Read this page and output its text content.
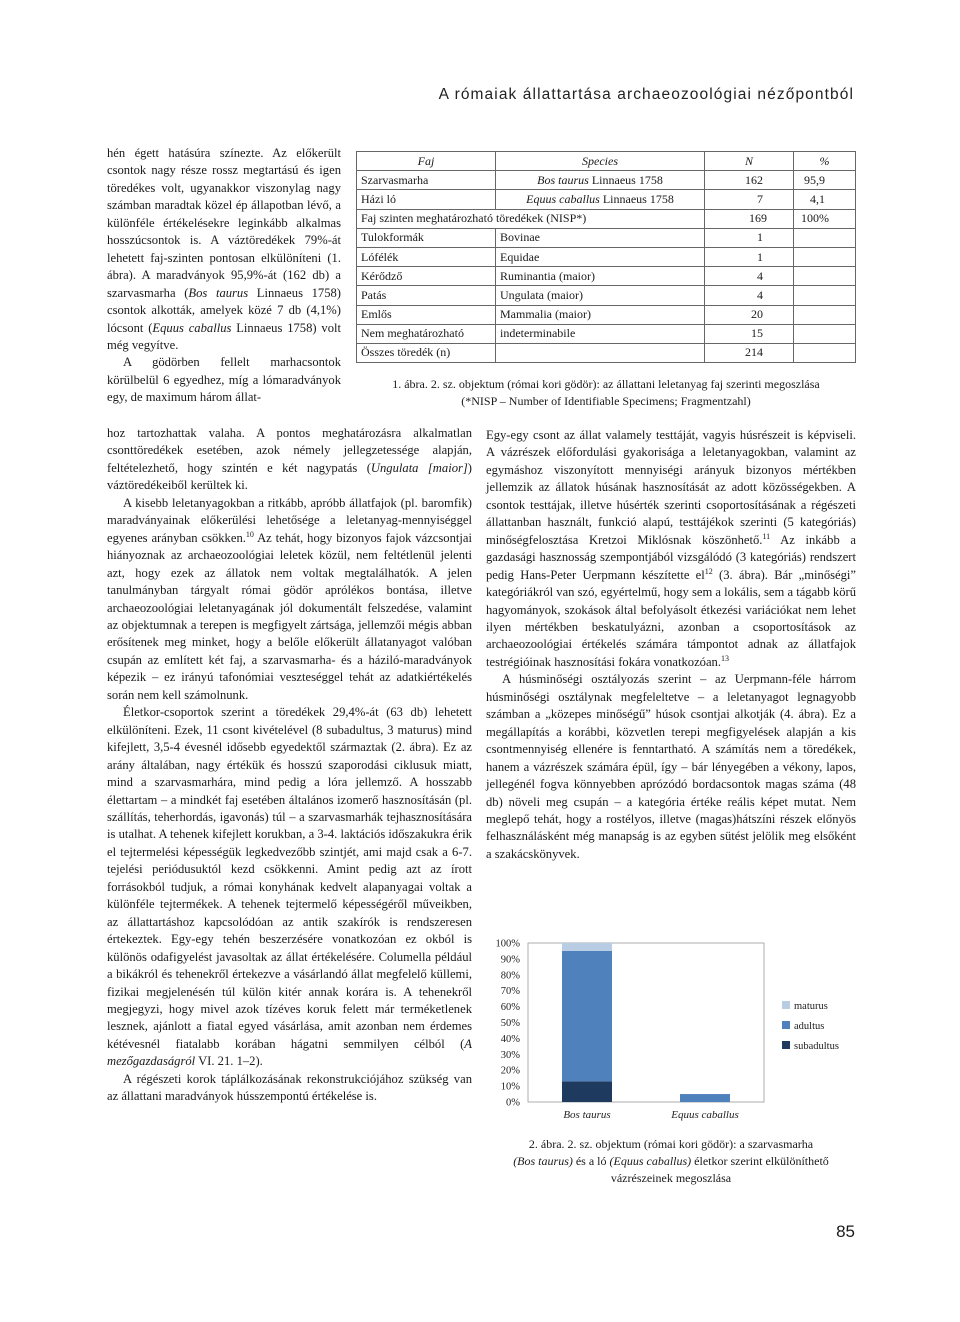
A rómaiak állattartása archaeozoológiai nézőpontból

hén égett hatásúra színezte. Az előkerült csontok nagy része rossz megtartású és igen töredékes volt, ugyanakkor viszonylag nagy számban maradtak közel ép állapotban lévő, a különféle értékelésekre leginkább alkalmas hosszúcsontok is. A váztöredékek 79%-át lehetett faj-szinten pontosan elkülöníteni (1. ábra). A maradványok 95,9%-át (162 db) a szarvasmarha (Bos taurus Linnaeus 1758) csontok alkották, amelyek közé 7 db (4,1%) lócsont (Equus caballus Linnaeus 1758) volt még vegyítve.

A gödörben fellelt marhacsontok körülbelül 6 egyedhez, míg a lómaradványok egy, de maximum három állat-

Faj	Species	N	%
Szarvasmarha	Bos taurus Linnaeus 1758	162	95,9
Házi ló	Equus caballus Linnaeus 1758	7	4,1
Faj szinten meghatározható töredékek (NISP*)		169	100%
Tulokformák	Bovinae	1	
Lófélék	Equidae	1	
Kérődző	Ruminantia (maior)	4	
Patás	Ungulata (maior)	4	
Emlős	Mammalia (maior)	20	
Nem meghatározható	indeterminabile	15	
Összes töredék (n)		214	
1. ábra. 2. sz. objektum (római kori gödör): az állattani leletanyag faj szerinti megoszlása
(*NISP – Number of Identifiable Specimens; Fragmentzahl)

hoz tartozhattak valaha. A pontos meghatározásra alkalmatlan csonttöredékek esetében, azok némely jellegzetessége alapján, feltételezhető, hogy szintén e két nagypatás (Ungulata [maior]) váztöredékeiből kerültek ki.

A kisebb leletanyagokban a ritkább, apróbb állatfajok (pl. baromfik) maradványainak előkerülési lehetősége a leletanyag-mennyiséggel egyenes arányban csökken.$^{10}$ Az tehát, hogy bizonyos fajok vázcsontjai hiányoznak az archaeozoológiai leletek közül, nem feltétlenül jelenti azt, hogy ezek az állatok nem voltak megtalálhatók. A jelen tanulmányban tárgyalt római gödör aprólékos bontása, illetve archaeozoológiai leletanyagának jól dokumentált felszedése, valamint az objektumnak a terepen is megfigyelt zártsága, jellemzői mégis abban erősítenek meg minket, hogy a belőle előkerült állatanyagot valóban csupán az említett két faj, a szarvasmarha- és a háziló-maradványok képezik – ez irányú tafonómiai veszteséggel tehát az adatkiértékelés során nem kell számolnunk.

Életkor-csoportok szerint a töredékek 29,4%-át (63 db) lehetett elkülöníteni. Ezek, 11 csont kivételével (8 subadultus, 3 maturus) mind kifejlett, 3,5-4 évesnél idősebb egyedektől származtak (2. ábra). Ez az arány általában, nagy értékük és hosszú szaporodási ciklusuk miatt, mind a szarvasmarhára, mind pedig a lóra jellemző. A hosszabb élettartam – a mindkét faj esetében általános izomerő hasznosításán (pl. szállítás, teherhordás, igavonás) túl – a szarvasmarhák tejhasznosítására is utalhat. A tehenek kifejlett korukban, a 3-4. laktációs időszakukra érik el tejtermelési képességük legkedvezőbb szintjét, ami majd csak a 6-7. tejelési periódusuktól kezd csökkenni. Amint pedig azt az írott forrásokból tudjuk, a római konyhának kedvelt alapanyagai voltak a különféle tejtermékek. A tehenek tejtermelő képességéről műveikben, az állattartáshoz kapcsolódóan az antik szakírók is rendszeresen értekeztek. Egy-egy tehén beszerzésére vonatkozóan ez okból is különös odafigyelést javasoltak az állat értékelésére. Columella például a bikákról és tehenekről értekezve a vásárlandó állat megfelelő küllemi, fizikai megjelenésén túl külön kitér annak korára is. A tehenekről megjegyzi, hogy mivel azok tízéves koruk felett már terméketlenek lesznek, ajánlott a fiatal egyed vásárlása, amit azonban nem érdemes kétévesnél fiatalabb korában hágatni semmilyen célból (A mezőgazdaságról VI. 21. 1–2).

A régészeti korok táplálkozásának rekonstrukciójához szükség van az állattani maradványok hússzempontú értékelése is.

Egy-egy csont az állat valamely testtáját, vagyis húsrészeit is képviseli. A vázrészek előfordulási gyakorisága a leletanyagokban, valamint az egymáshoz viszonyított mennyiségi arányuk bizonyos mértékben jellemzik az állatok húsának hasznosítását az adott közösségekben. A csontok testtájak, illetve húsérték szerinti csoportosításának a régészeti állattanban használt, funkció alapú, testtájékok szerinti (5 kategóriás) minőségfelosztása Kretzoi Miklósnak köszönhető.$^{11}$ Az inkább a gazdasági hasznosság szempontjából vizsgálódó (3 kategóriás) rendszert pedig Hans-Peter Uerpmann készítette $el^{12}$ (3. ábra). Bár „minőségi” kategóriákról van szó, egyértelmű, hogy sem a lokális, sem a tágabb körű hagyományok, szokások által befolyásolt étkezési variációkat nem lehet ilyen mértékben beskatulyázni, azonban a csoportosítások az archaeozoológiai értékelés számára támpontot adnak az állatfajok testrégióinak hasznosítási fokára vonatkozóan.$^{13}$

A húsminőségi osztályozás szerint – az Uerpmann-féle hárrom húsminőségi osztálynak megfeleltetve – a leletanyagot legnagyobb számban a „közepes minőségű” húsok csontjai alkotják (4. ábra). Ez a megállapítás a korábbi, közvetlen terepi megfigyelések alapján a kis csontmennyiség ellenére is fenntartható. A számítás nem a töredékek, hanem a vázrészek számára épül, így – bár lényegében a vékony, lapos, jellegénél fogva könnyebben aprózódó bordacsontok magas száma (48 db) növeli meg csupán – a kategória értéke reális képet mutat. Nem meglepő tehát, hogy a rostélyos, illetve (magas)hátszíni részek előnyös felhasználásként még manapság is az egyben sütést jelölik meg elsőként a szakácskönyvek.

100%
90%
80%
70%
60%
50%
40%
30%
20%
10%
0%
Bos taurus	Equus caballus
maturus
adultus
subadultus
2. ábra. 2. sz. objektum (római kori gödör): a szarvasmarha
(Bos taurus) és a ló (Equus caballus) életkor szerint elkülöníthető
vázrészeinek megoszlása
85
